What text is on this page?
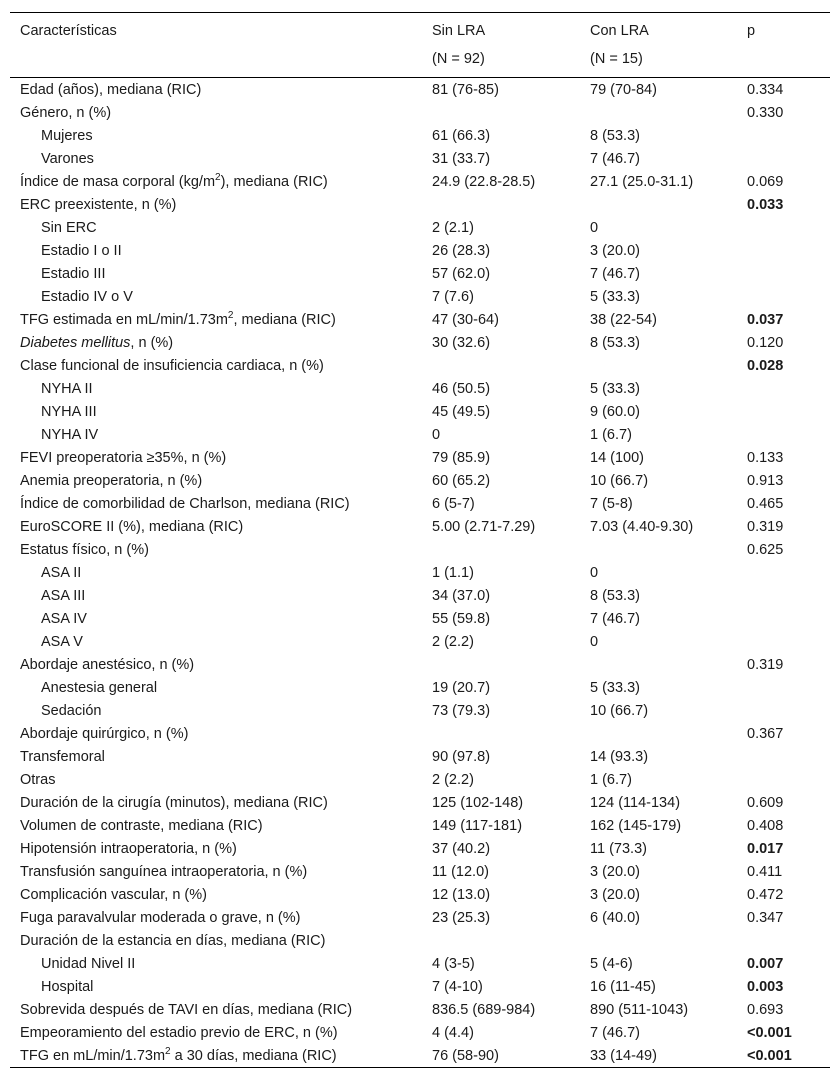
Características	Sin LRA	Con LRA	p
	(N = 92)	(N = 15)	
Edad (años), mediana (RIC)	81 (76-85)	79 (70-84)	0.334
Género, n (%)			0.330
Mujeres	61 (66.3)	8 (53.3)	
Varones	31 (33.7)	7 (46.7)	
Índice de masa corporal $(kg/m^2)$, mediana (RIC)	24.9 (22.8-28.5)	27.1 (25.0-31.1)	0.069
ERC preexistente, n (%)			0.033
Sin ERC	2 (2.1)	0	
Estadio I o II	26 (28.3)	3 (20.0)	
Estadio III	57 (62.0)	7 (46.7)	
Estadio IV o V	7 (7.6)	5 (33.3)	
TFG estimada en $mL/\min/1.73m^2$, mediana (RIC)	47 (30-64)	38 (22-54)	0.037
Diabetes mellitus, n (%)	30 (32.6)	8 (53.3)	0.120
Clase funcional de insuficiencia cardiaca, n (%)			0.028
NYHA II	46 (50.5)	5 (33.3)	
NYHA III	45 (49.5)	9 (60.0)	
NYHA IV	0	1 (6.7)	
FEVI preoperatoria ≥35%, n (%)	79 (85.9)	14 (100)	0.133
Anemia preoperatoria, n (%)	60 (65.2)	10 (66.7)	0.913
Índice de comorbilidad de Charlson, mediana (RIC)	6 (5-7)	7 (5-8)	0.465
EuroSCORE II (%), mediana (RIC)	5.00 (2.71-7.29)	7.03 (4.40-9.30)	0.319
Estatus físico, n (%)			0.625
ASA II	1 (1.1)	0	
ASA III	34 (37.0)	8 (53.3)	
ASA IV	55 (59.8)	7 (46.7)	
ASA V	2 (2.2)	0	
Abordaje anestésico, n (%)			0.319
Anestesia general	19 (20.7)	5 (33.3)	
Sedación	73 (79.3)	10 (66.7)	
Abordaje quirúrgico, n (%)			0.367
Transfemoral	90 (97.8)	14 (93.3)	
Otras	2 (2.2)	1 (6.7)	
Duración de la cirugía (minutos), mediana (RIC)	125 (102-148)	124 (114-134)	0.609
Volumen de contraste, mediana (RIC)	149 (117-181)	162 (145-179)	0.408
Hipotensión intraoperatoria, n (%)	37 (40.2)	11 (73.3)	0.017
Transfusión sanguínea intraoperatoria, n (%)	11 (12.0)	3 (20.0)	0.411
Complicación vascular, n (%)	12 (13.0)	3 (20.0)	0.472
Fuga paravalvular moderada o grave, n (%)	23 (25.3)	6 (40.0)	0.347
Duración de la estancia en días, mediana (RIC)			
Unidad Nivel II	4 (3-5)	5 (4-6)	0.007
Hospital	7 (4-10)	16 (11-45)	0.003
Sobrevida después de TAVI en días, mediana (RIC)	836.5 (689-984)	890 (511-1043)	0.693
Empeoramiento del estadio previo de ERC, n (%)	4 (4.4)	7 (46.7)	<0.001
TFG en $mL/\min/1.73m^2$ a 30 días, mediana (RIC)	76 (58-90)	33 (14-49)	<0.001
